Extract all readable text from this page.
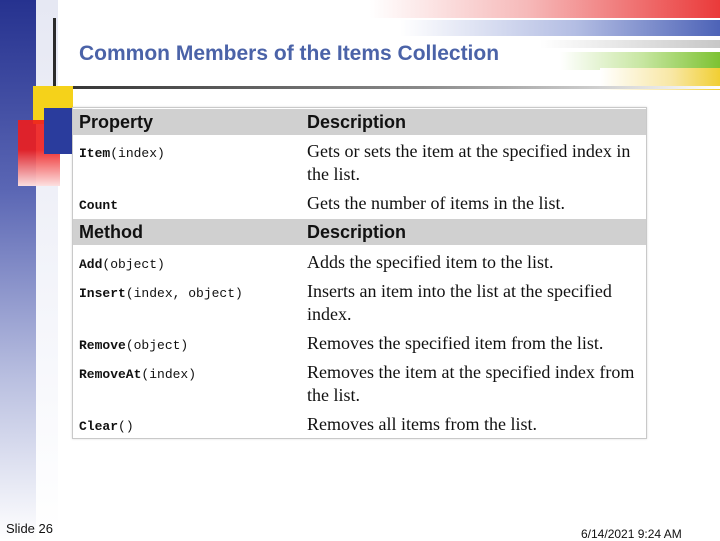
Common Members of the Items Collection
Property	Description
Item(index)	Gets or sets the item at the specified index in the list.
Count	Gets the number of items in the list.
Method	Description
Add(object)	Adds the specified item to the list.
Insert(index, object)	Inserts an item into the list at the specified index.
Remove(object)	Removes the specified item from the list.
RemoveAt(index)	Removes the item at the specified index from the list.
Clear()	Removes all items from the list.
Slide 26	6/14/2021 9:24 AM
